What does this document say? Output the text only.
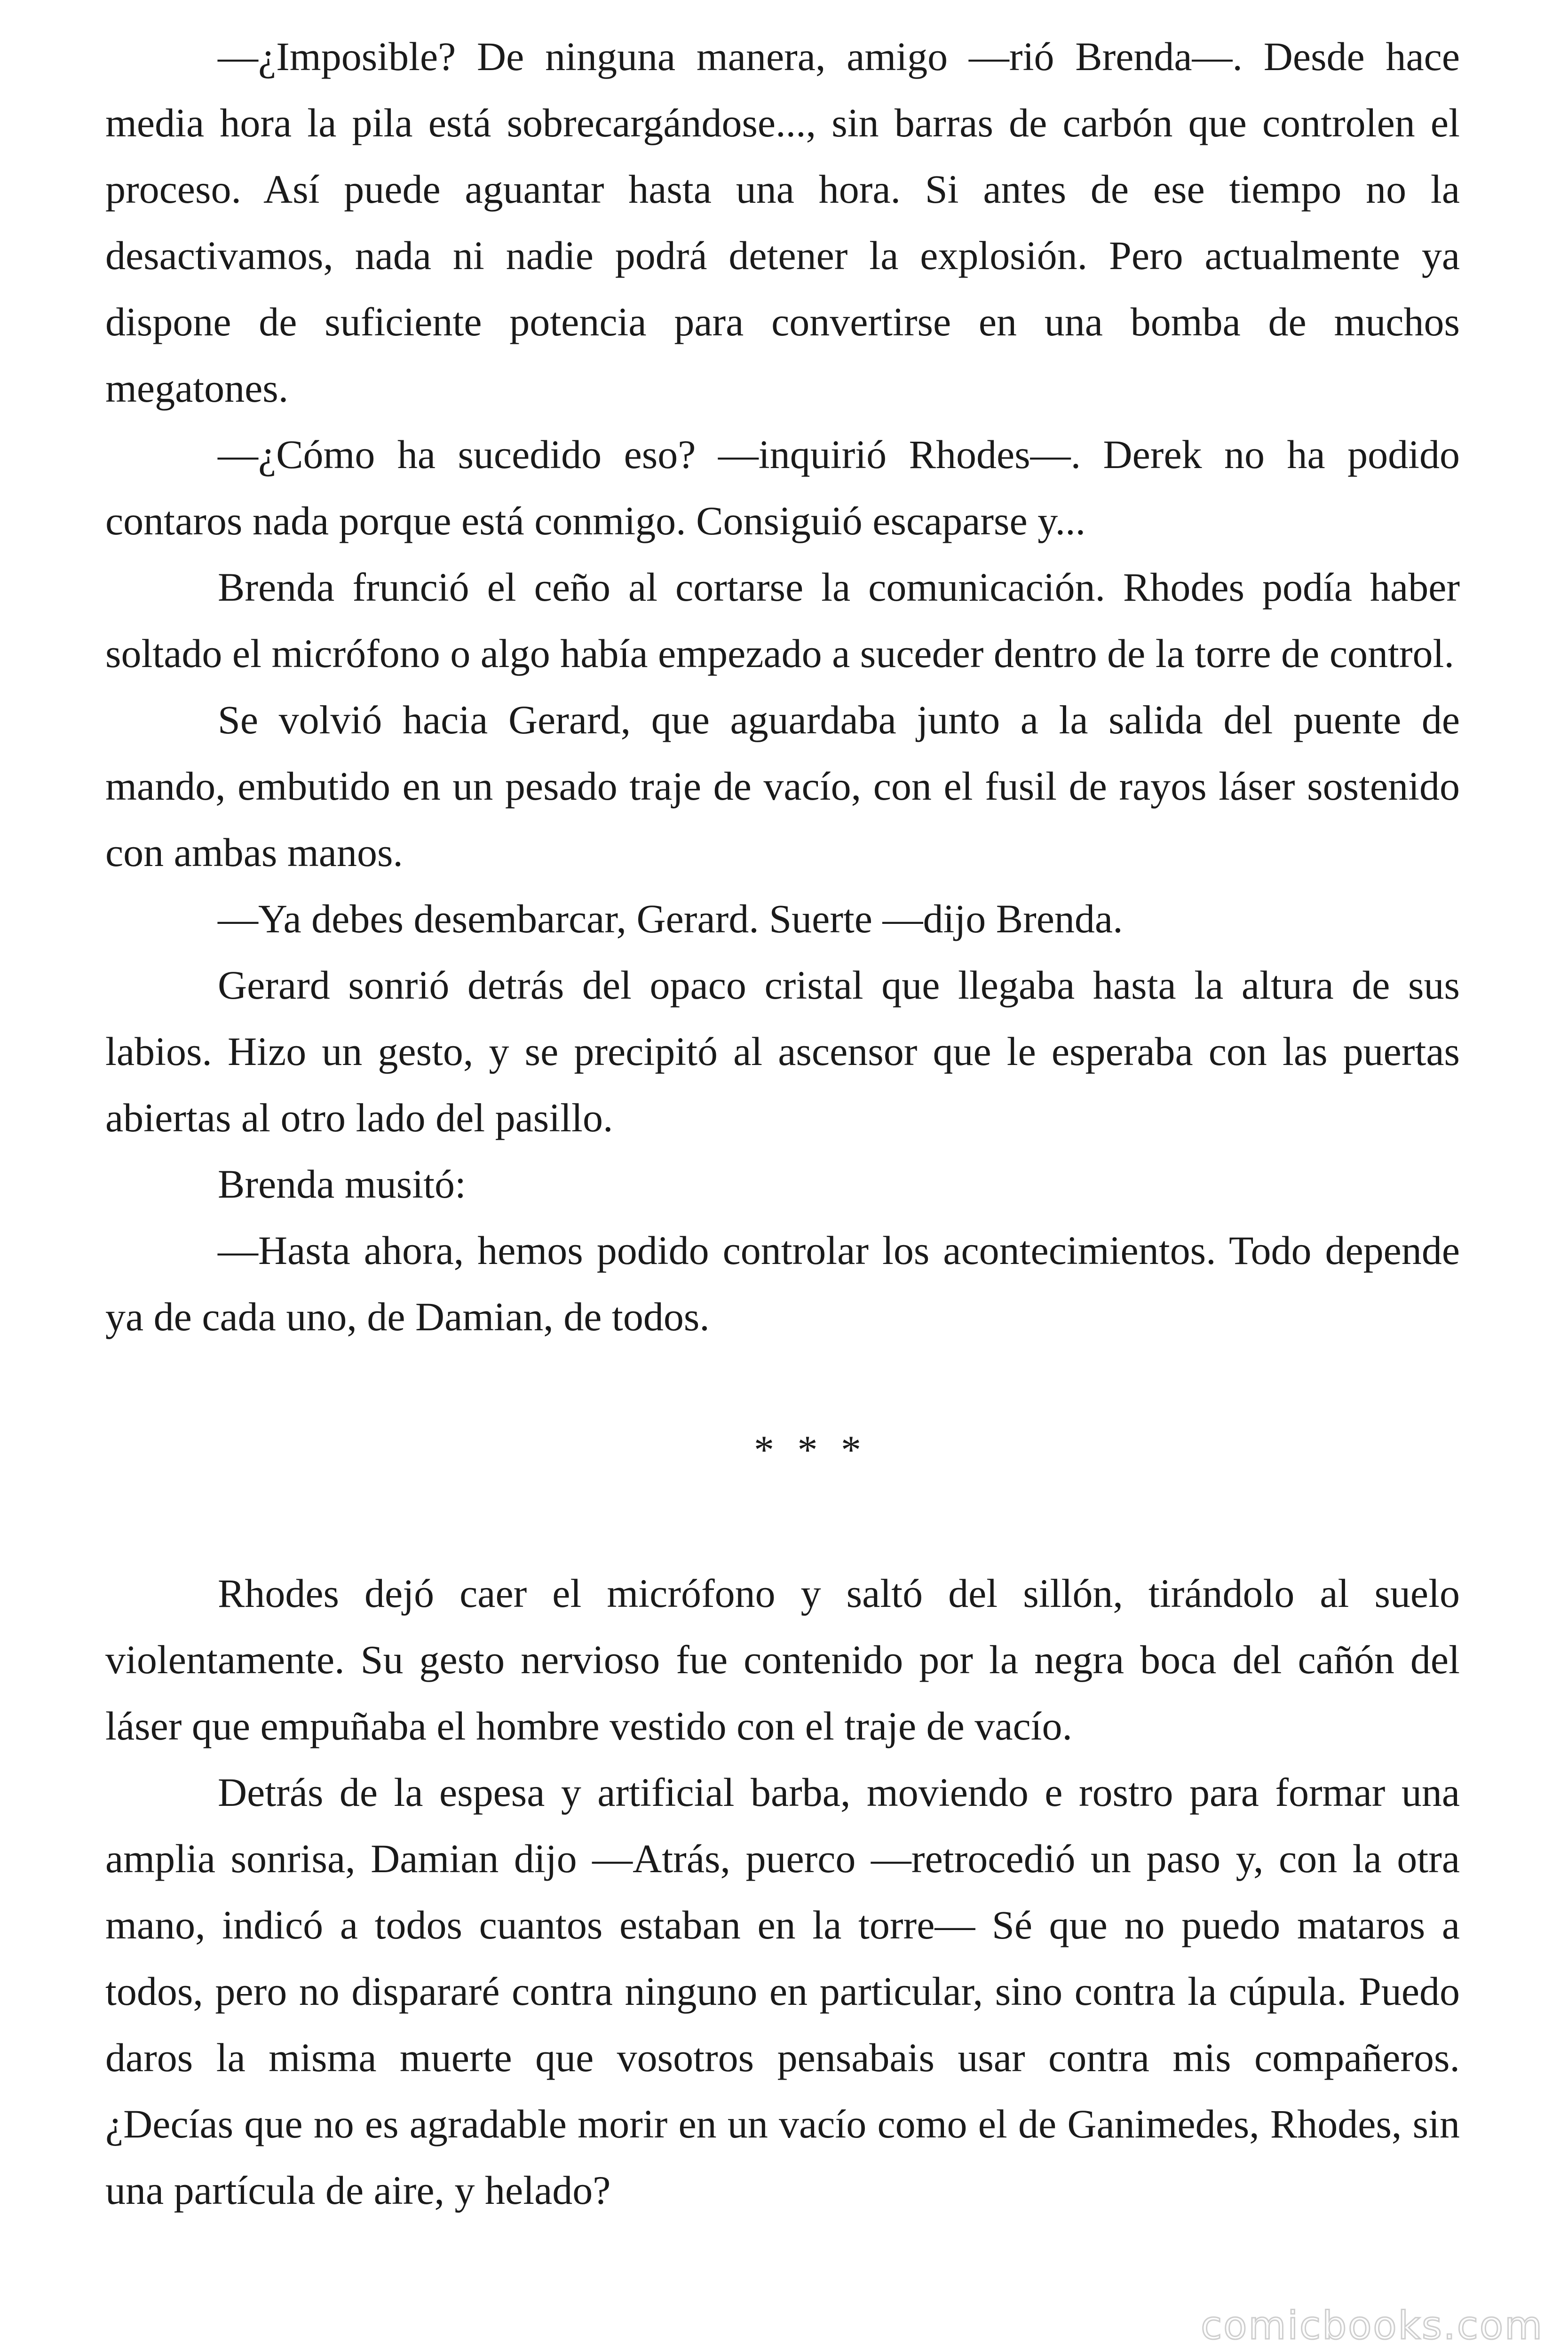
—¿Imposible? De ninguna manera, amigo —rió Brenda—. Desde hace media hora la pila está sobrecargándose..., sin barras de carbón que controlen el proceso. Así puede aguantar hasta una hora. Si antes de ese tiempo no la desactivamos, nada ni nadie podrá detener la explosión. Pero actualmente ya dispone de suficiente potencia para convertirse en una bomba de muchos megatones.

—¿Cómo ha sucedido eso? —inquirió Rhodes—. Derek no ha podido contaros nada porque está conmigo. Consiguió escaparse y...

Brenda frunció el ceño al cortarse la comunicación. Rhodes podía haber soltado el micrófono o algo había empezado a suceder dentro de la torre de control.

Se volvió hacia Gerard, que aguardaba junto a la salida del puente de mando, embutido en un pesado traje de vacío, con el fusil de rayos láser sostenido con ambas manos.

—Ya debes desembarcar, Gerard. Suerte —dijo Brenda.

Gerard sonrió detrás del opaco cristal que llegaba hasta la altura de sus labios. Hizo un gesto, y se precipitó al ascensor que le esperaba con las puertas abiertas al otro lado del pasillo.

Brenda musitó:

—Hasta ahora, hemos podido controlar los acontecimientos. Todo depende ya de cada uno, de Damian, de todos.

* * *

Rhodes dejó caer el micrófono y saltó del sillón, tirándolo al suelo violentamente. Su gesto nervioso fue contenido por la negra boca del cañón del láser que empuñaba el hombre vestido con el traje de vacío.

Detrás de la espesa y artificial barba, moviendo e rostro para formar una amplia sonrisa, Damian dijo —Atrás, puerco —retrocedió un paso y, con la otra mano, indicó a todos cuantos estaban en la torre— Sé que no puedo mataros a todos, pero no dispararé contra ninguno en particular, sino contra la cúpula. Puedo daros la misma muerte que vosotros pensabais usar contra mis compañeros. ¿Decías que no es agradable morir en un vacío como el de Ganimedes, Rhodes, sin una partícula de aire, y helado?

comicbooks.com
